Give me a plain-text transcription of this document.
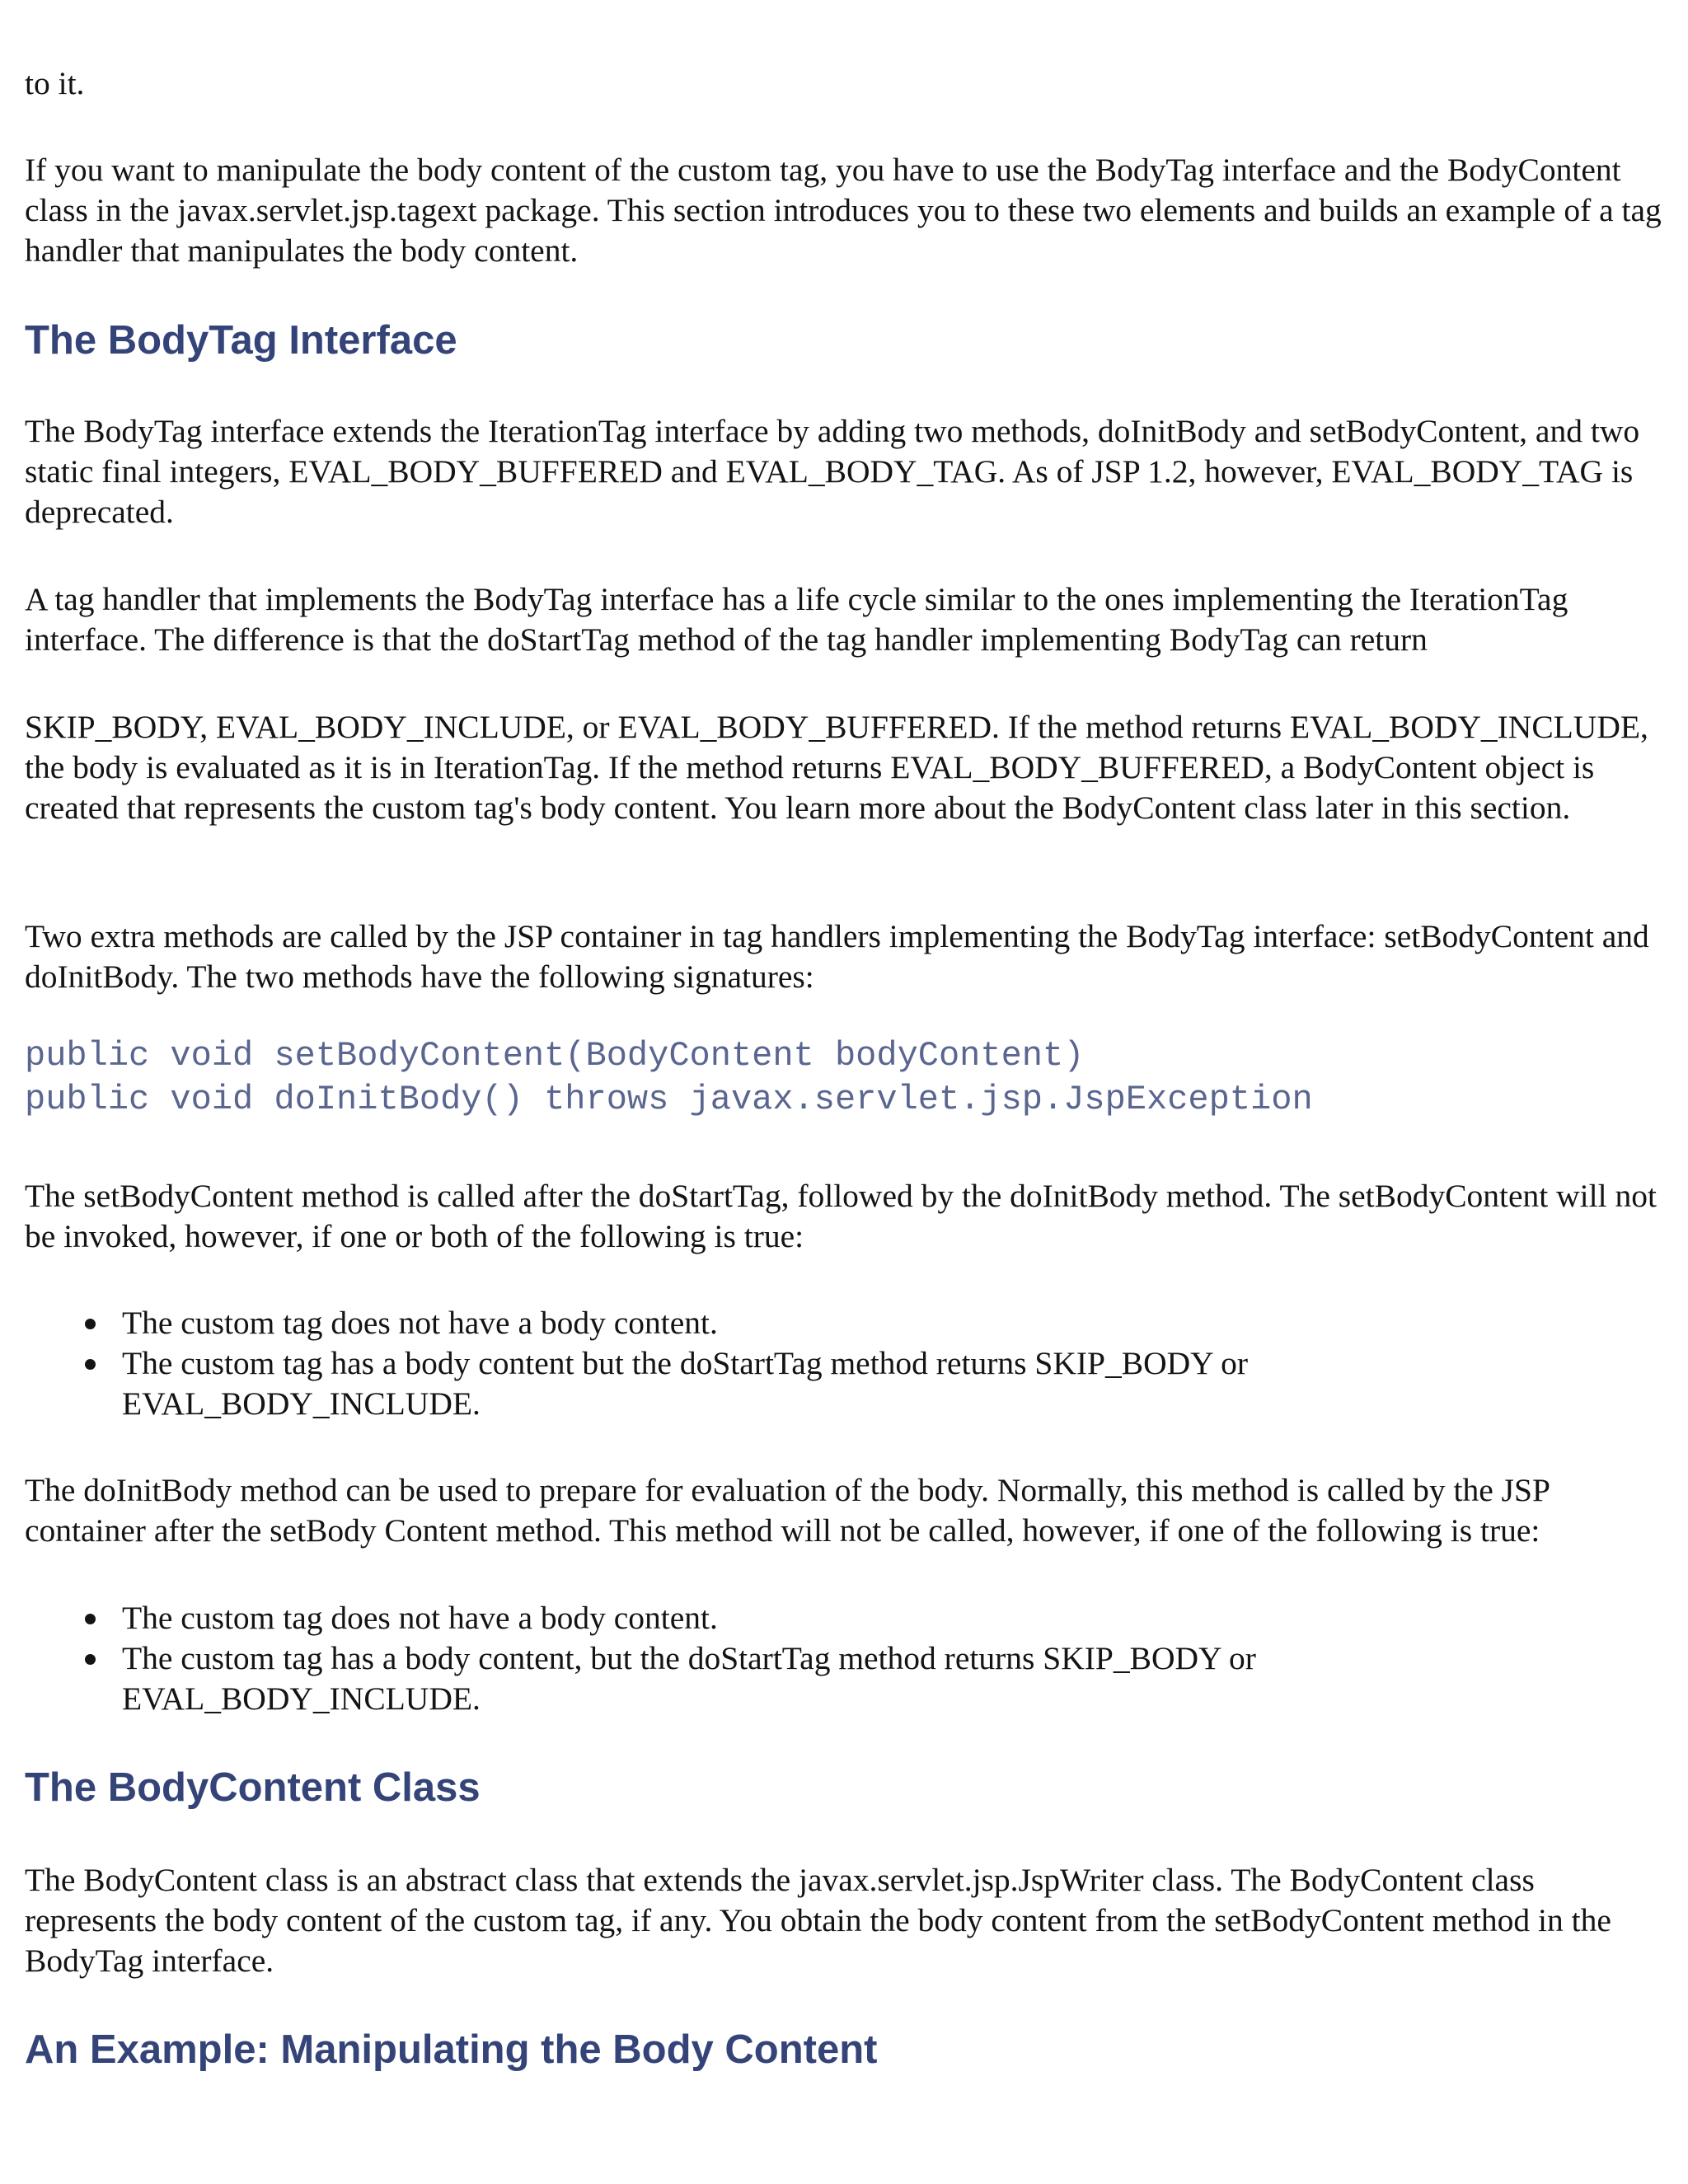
to it.

If you want to manipulate the body content of the custom tag, you have to use the BodyTag interface and the BodyContent class in the javax.servlet.jsp.tagext package. This section introduces you to these two elements and builds an example of a tag handler that manipulates the body content.

The BodyTag Interface

The BodyTag interface extends the IterationTag interface by adding two methods, doInitBody and setBodyContent, and two static final integers, EVAL_BODY_BUFFERED and EVAL_BODY_TAG. As of JSP 1.2, however, EVAL_BODY_TAG is deprecated.

A tag handler that implements the BodyTag interface has a life cycle similar to the ones implementing the IterationTag interface. The difference is that the doStartTag method of the tag handler implementing BodyTag can return

SKIP_BODY, EVAL_BODY_INCLUDE, or EVAL_BODY_BUFFERED. If the method returns EVAL_BODY_INCLUDE, the body is evaluated as it is in IterationTag. If the method returns EVAL_BODY_BUFFERED, a BodyContent object is created that represents the custom tag's body content. You learn more about the BodyContent class later in this section.

Two extra methods are called by the JSP container in tag handlers implementing the BodyTag interface: setBodyContent and doInitBody. The two methods have the following signatures:

public void setBodyContent(BodyContent bodyContent)
public void doInitBody() throws javax.servlet.jsp.JspException

The setBodyContent method is called after the doStartTag, followed by the doInitBody method. The setBodyContent will not be invoked, however, if one or both of the following is true:

The custom tag does not have a body content.
The custom tag has a body content but the doStartTag method returns SKIP_BODY or EVAL_BODY_INCLUDE.

The doInitBody method can be used to prepare for evaluation of the body. Normally, this method is called by the JSP container after the setBody Content method. This method will not be called, however, if one of the following is true:

The custom tag does not have a body content.
The custom tag has a body content, but the doStartTag method returns SKIP_BODY or EVAL_BODY_INCLUDE.
The BodyContent Class

The BodyContent class is an abstract class that extends the javax.servlet.jsp.JspWriter class. The BodyContent class represents the body content of the custom tag, if any. You obtain the body content from the setBodyContent method in the BodyTag interface.

An Example: Manipulating the Body Content
